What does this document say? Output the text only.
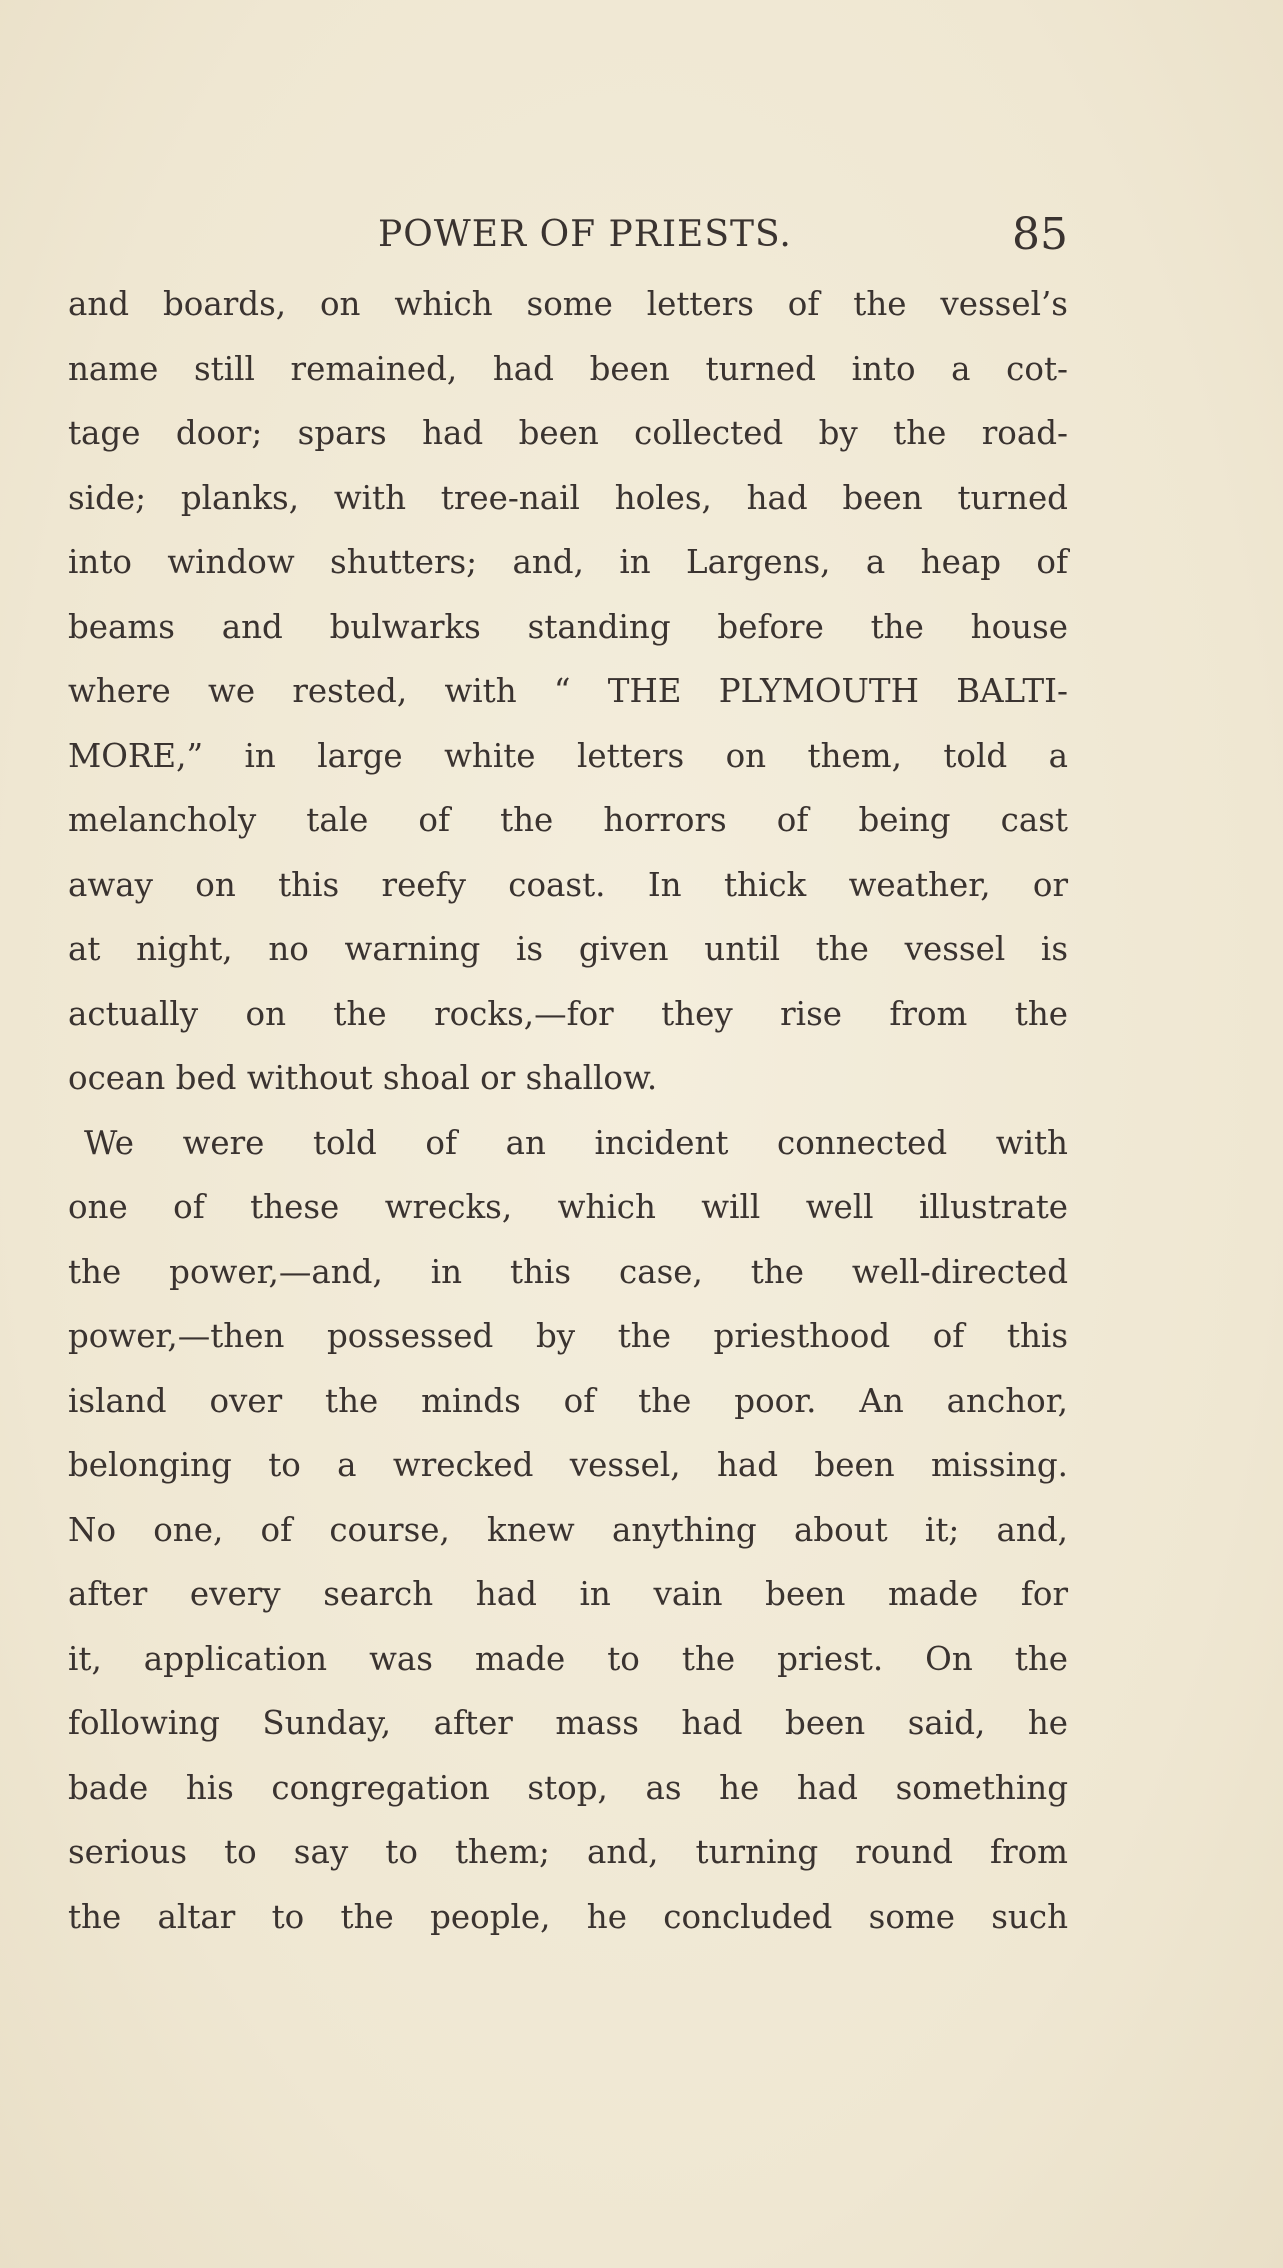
POWER OF PRIESTS.	85
and boards, on which some letters of the vessel’s
name still remained, had been turned into a cot-
tage door; spars had been collected by the road-
side; planks, with tree-nail holes, had been turned
into window shutters; and, in Largens, a heap of
beams and bulwarks standing before the house
where we rested, with “ THE PLYMOUTH BALTI-
MORE,” in large white letters on them, told a
melancholy tale of the horrors of being cast
away on this reefy coast. In thick weather, or
at night, no warning is given until the vessel is
actually on the rocks,—for they rise from the
ocean bed without shoal or shallow.
We were told of an incident connected with
one of these wrecks, which will well illustrate
the power,—and, in this case, the well-directed
power,—then possessed by the priesthood of this
island over the minds of the poor. An anchor,
belonging to a wrecked vessel, had been missing.
No one, of course, knew anything about it; and,
after every search had in vain been made for
it, application was made to the priest. On the
following Sunday, after mass had been said, he
bade his congregation stop, as he had something
serious to say to them; and, turning round from
the altar to the people, he concluded some such
